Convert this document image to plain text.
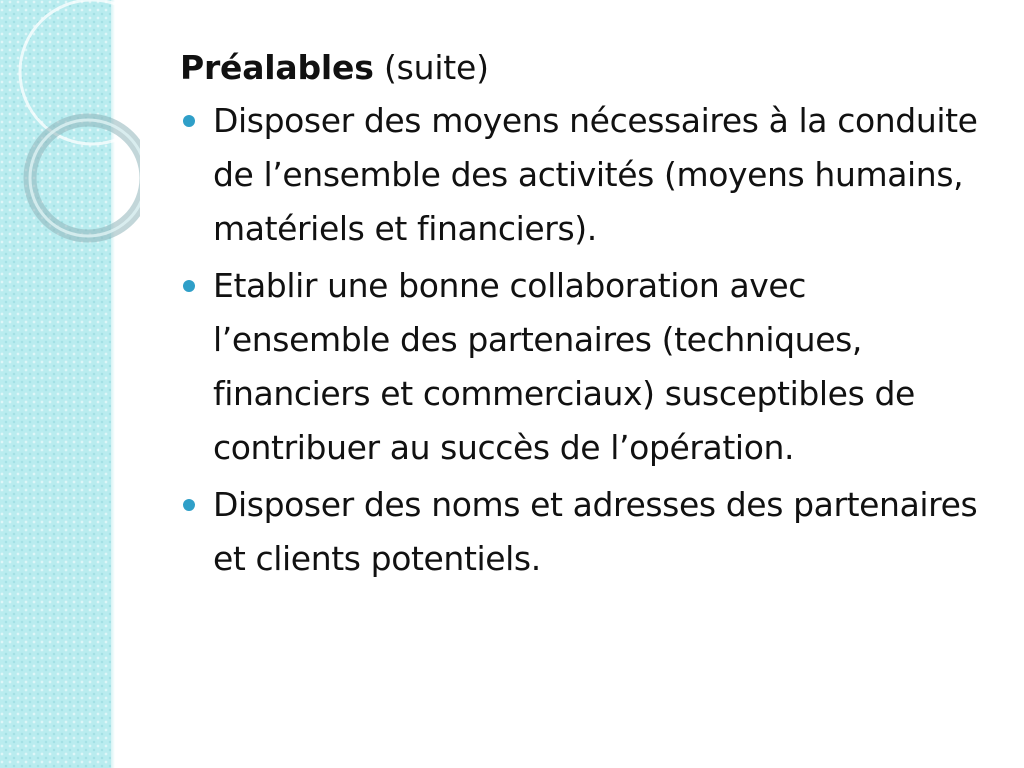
Préalables (suite)
Disposer des moyens nécessaires à la conduite de l’ensemble des activités (moyens humains, matériels et financiers).
Etablir une bonne collaboration avec l’ensemble des partenaires (techniques, financiers et commerciaux) susceptibles de contribuer au succès de l’opération.
Disposer des noms et adresses des partenaires et clients potentiels.
